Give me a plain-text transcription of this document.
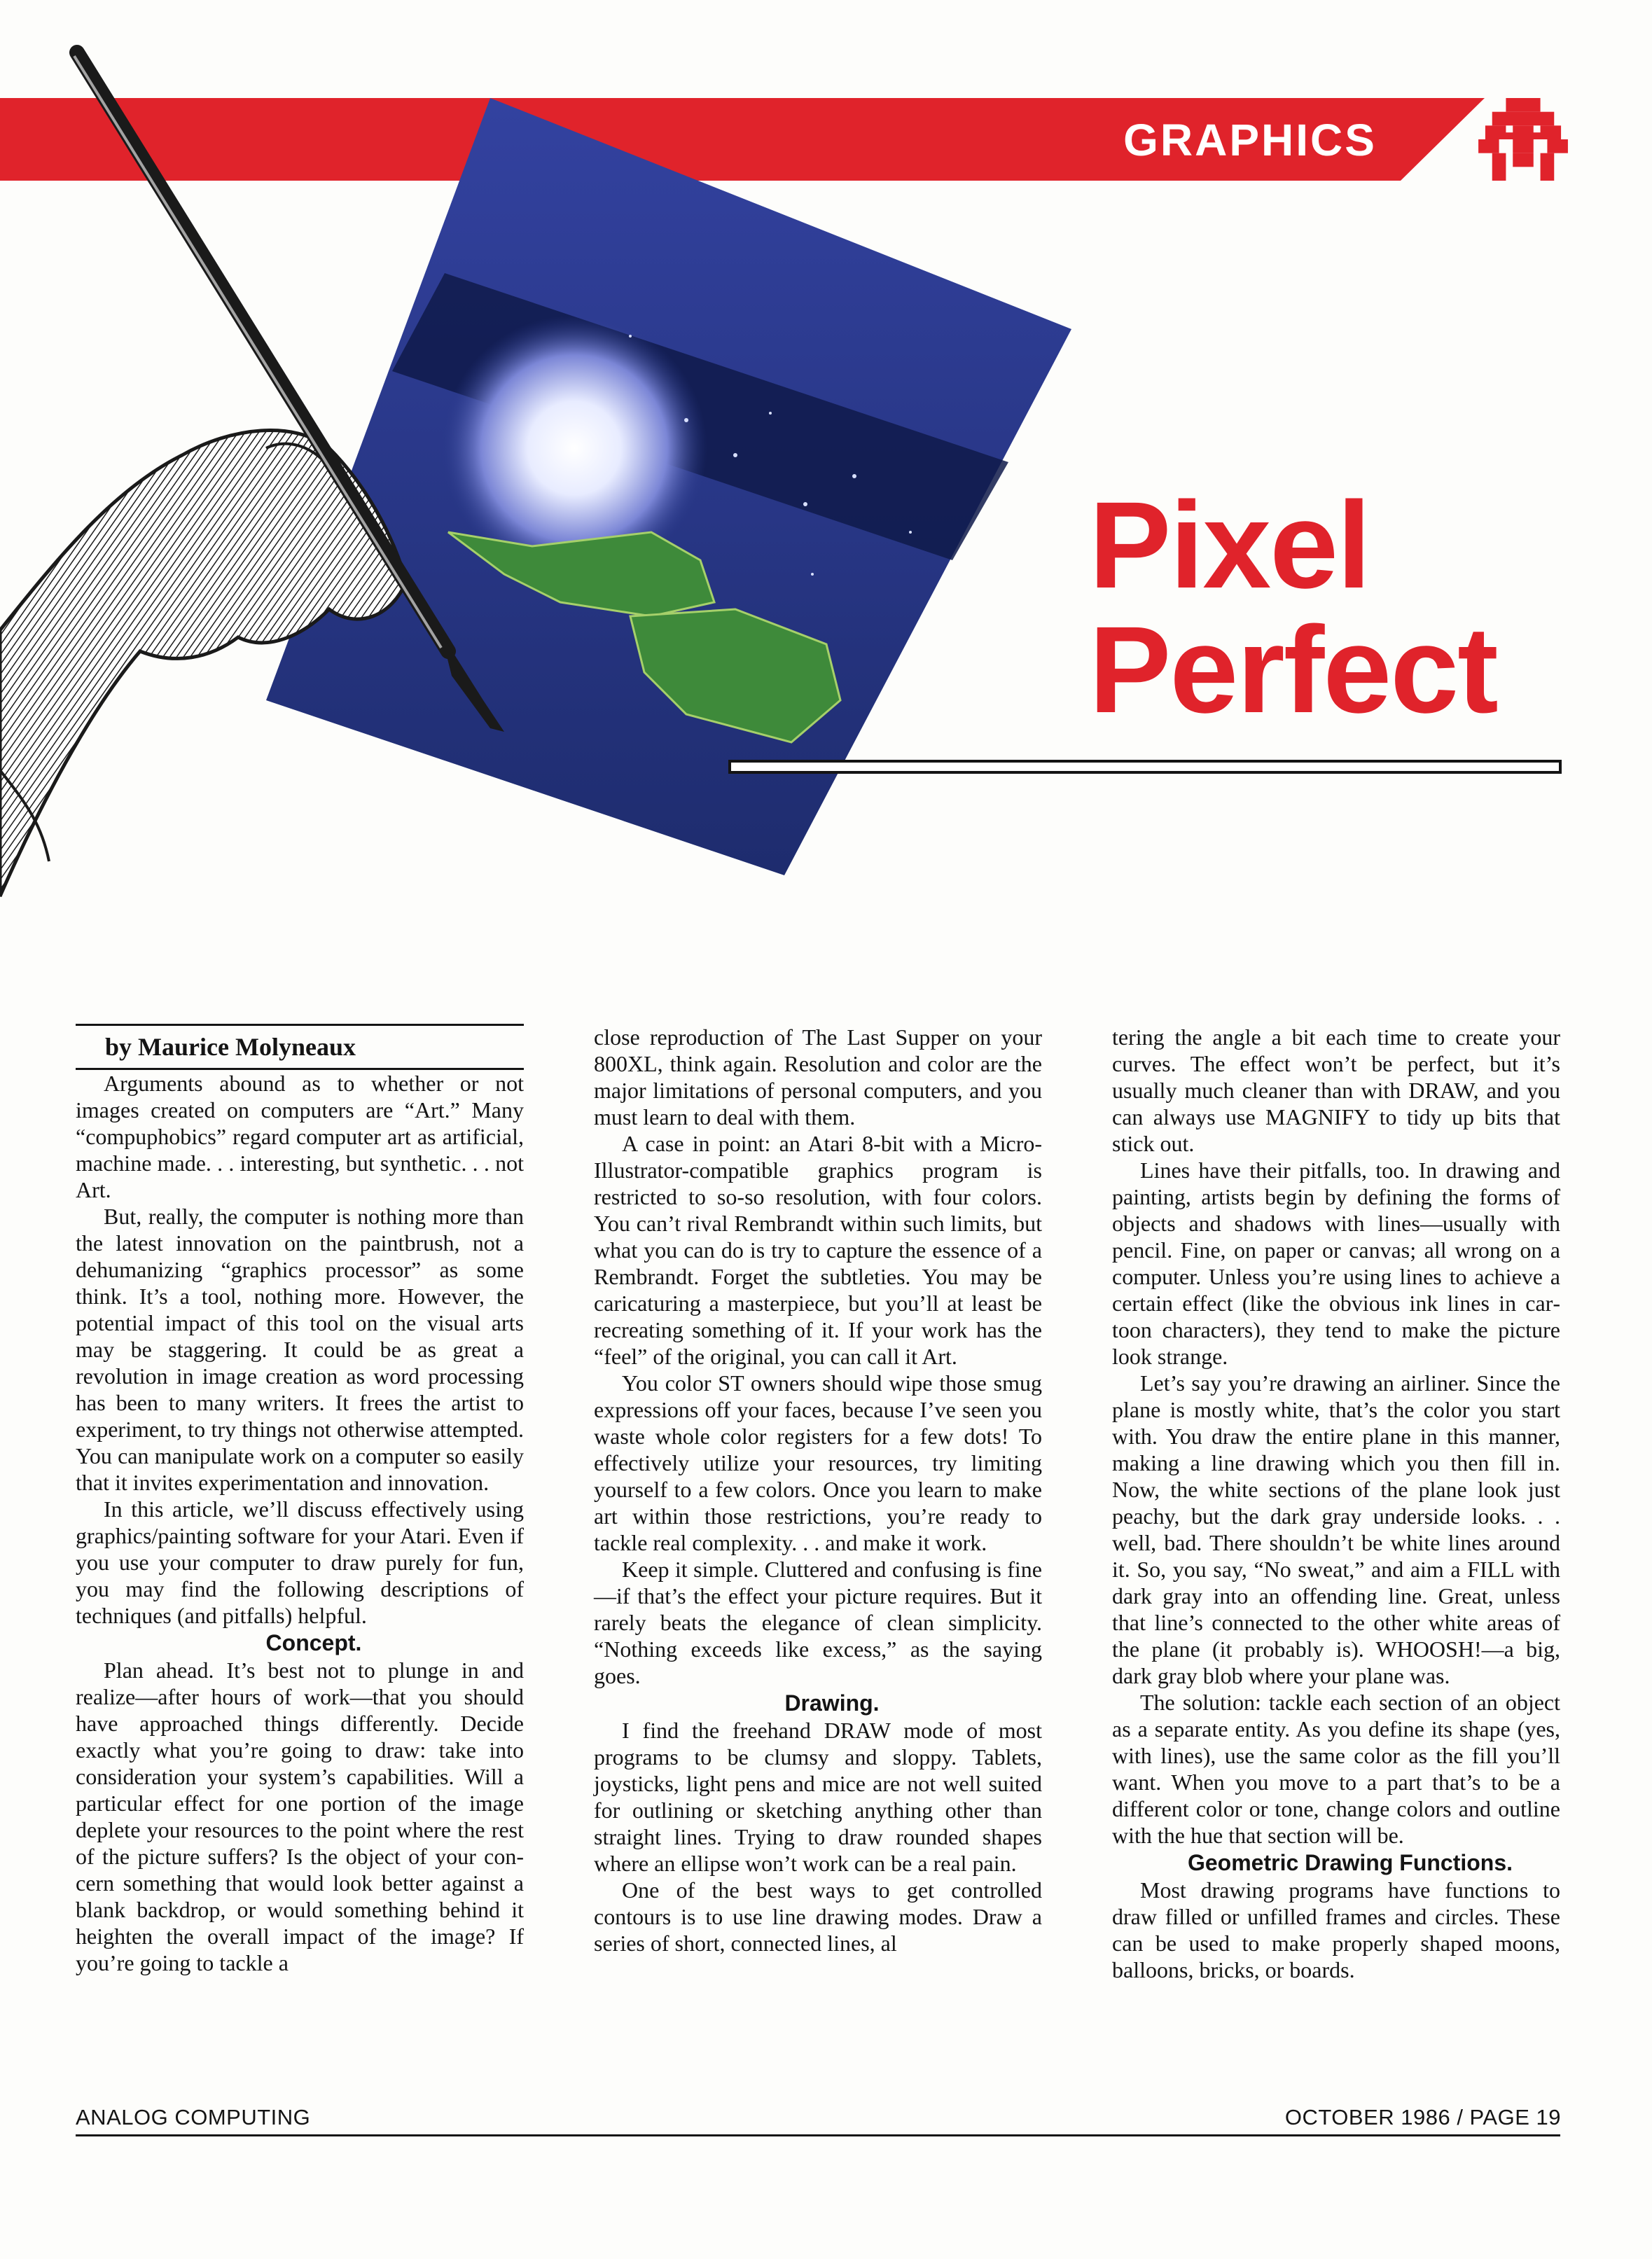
GRAPHICS
Pixel
Perfect

by Maurice Molyneaux

Arguments abound as to whether or not images created on computers are “Art.” Many “compuphobics” regard computer art as artificial, machine made. . . interesting, but synthetic. . . not Art.

But, really, the computer is nothing more than the latest innovation on the paintbrush, not a dehumanizing “graphics processor” as some think. It’s a tool, nothing more. However, the potential impact of this tool on the visual arts may be staggering. It could be as great a revolution in image creation as word processing has been to many writers. It frees the artist to experiment, to try things not otherwise attempted. You can manipulate work on a computer so easily that it invites experimentation and innovation.

In this article, we’ll discuss effectively using graphics/painting software for your Atari. Even if you use your computer to draw purely for fun, you may find the following descriptions of techniques (and pitfalls) helpful.

Concept.

Plan ahead. It’s best not to plunge in and realize—after hours of work—that you should have approached things differently. Decide exactly what you’re going to draw: take into consideration your system’s capabilities. Will a particular effect for one portion of the image deplete your resources to the point where the rest of the picture suffers? Is the object of your concern something that would look better against a blank backdrop, or would something behind it heighten the overall impact of the image? If you’re going to tackle a

close reproduction of The Last Supper on your 800XL, think again. Resolution and color are the major limitations of personal computers, and you must learn to deal with them.

A case in point: an Atari 8-bit with a Micro-Illustrator-compatible graphics program is restricted to so-so resolution, with four colors. You can’t rival Rembrandt within such limits, but what you can do is try to capture the essence of a Rembrandt. Forget the subtleties. You may be caricaturing a masterpiece, but you’ll at least be recreating something of it. If your work has the “feel” of the original, you can call it Art.

You color ST owners should wipe those smug expressions off your faces, because I’ve seen you waste whole color registers for a few dots! To effectively utilize your resources, try limiting yourself to a few colors. Once you learn to make art within those restrictions, you’re ready to tackle real complexity. . . and make it work.

Keep it simple. Cluttered and confusing is fine—if that’s the effect your picture requires. But it rarely beats the elegance of clean simplicity. “Nothing exceeds like excess,” as the saying goes.

Drawing.

I find the freehand DRAW mode of most programs to be clumsy and sloppy. Tablets, joysticks, light pens and mice are not well suited for outlining or sketching anything other than straight lines. Trying to draw rounded shapes where an ellipse won’t work can be a real pain.

One of the best ways to get controlled contours is to use line drawing modes. Draw a series of short, connected lines, al

tering the angle a bit each time to create your curves. The effect won’t be perfect, but it’s usually much cleaner than with DRAW, and you can always use MAGNIFY to tidy up bits that stick out.

Lines have their pitfalls, too. In drawing and painting, artists begin by defining the forms of objects and shadows with lines—usually with pencil. Fine, on paper or canvas; all wrong on a computer. Unless you’re using lines to achieve a certain effect (like the obvious ink lines in cartoon characters), they tend to make the picture look strange.

Let’s say you’re drawing an airliner. Since the plane is mostly white, that’s the color you start with. You draw the entire plane in this manner, making a line drawing which you then fill in. Now, the white sections of the plane look just peachy, but the dark gray underside looks. . . well, bad. There shouldn’t be white lines around it. So, you say, “No sweat,” and aim a FILL with dark gray into an offending line. Great, unless that line’s connected to the other white areas of the plane (it probably is). WHOOSH!—a big, dark gray blob where your plane was.

The solution: tackle each section of an object as a separate entity. As you define its shape (yes, with lines), use the same color as the fill you’ll want. When you move to a part that’s to be a different color or tone, change colors and outline with the hue that section will be.

Geometric Drawing Functions.

Most drawing programs have functions to draw filled or unfilled frames and circles. These can be used to make properly shaped moons, balloons, bricks, or boards.

ANALOG COMPUTING	OCTOBER 1986 / PAGE 19
